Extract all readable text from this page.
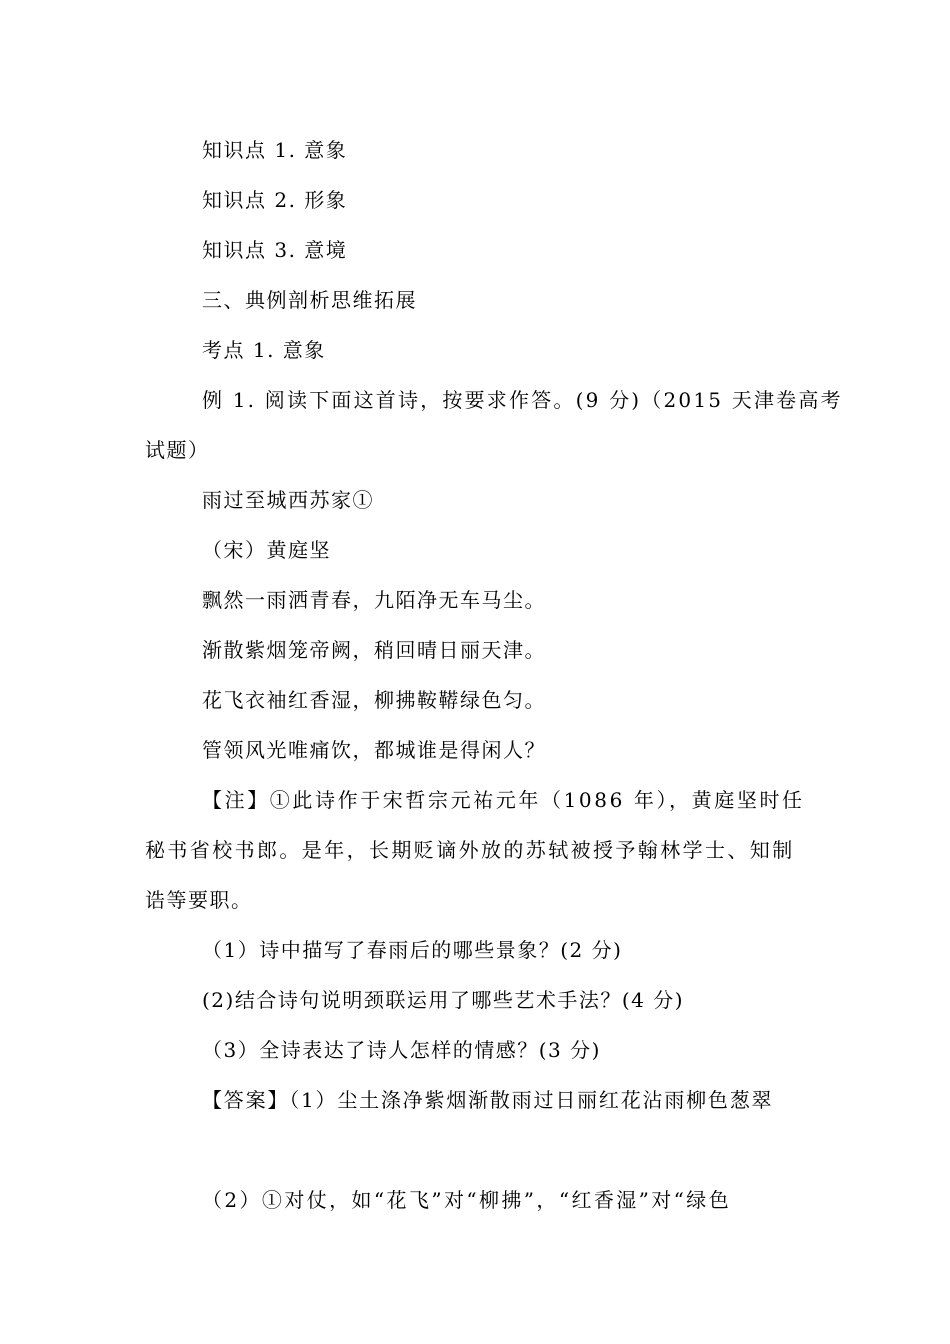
知识点 1. 意象
知识点 2. 形象
知识点 3. 意境
三、典例剖析思维拓展
考点 1. 意象
例 1. 阅读下面这首诗，按要求作答。(9 分)（2015 天津卷高考
试题）
雨过至城西苏家①
（宋）黄庭坚
飘然一雨洒青春，九陌净无车马尘。
渐散紫烟笼帝阙，稍回晴日丽天津。
花飞衣袖红香湿，柳拂鞍鞯绿色匀。
管领风光唯痛饮，都城谁是得闲人？
【注】①此诗作于宋哲宗元祐元年（1086 年），黄庭坚时任
秘书省校书郎。是年，长期贬谪外放的苏轼被授予翰林学士、知制
诰等要职。
（1）诗中描写了春雨后的哪些景象？(2 分)
(2)结合诗句说明颈联运用了哪些艺术手法？(4 分)
（3）全诗表达了诗人怎样的情感？(3 分)
【答案】（1）尘土涤净紫烟渐散雨过日丽红花沾雨柳色葱翠
（2）①对仗，如“花飞”对“柳拂”，“红香湿”对“绿色
